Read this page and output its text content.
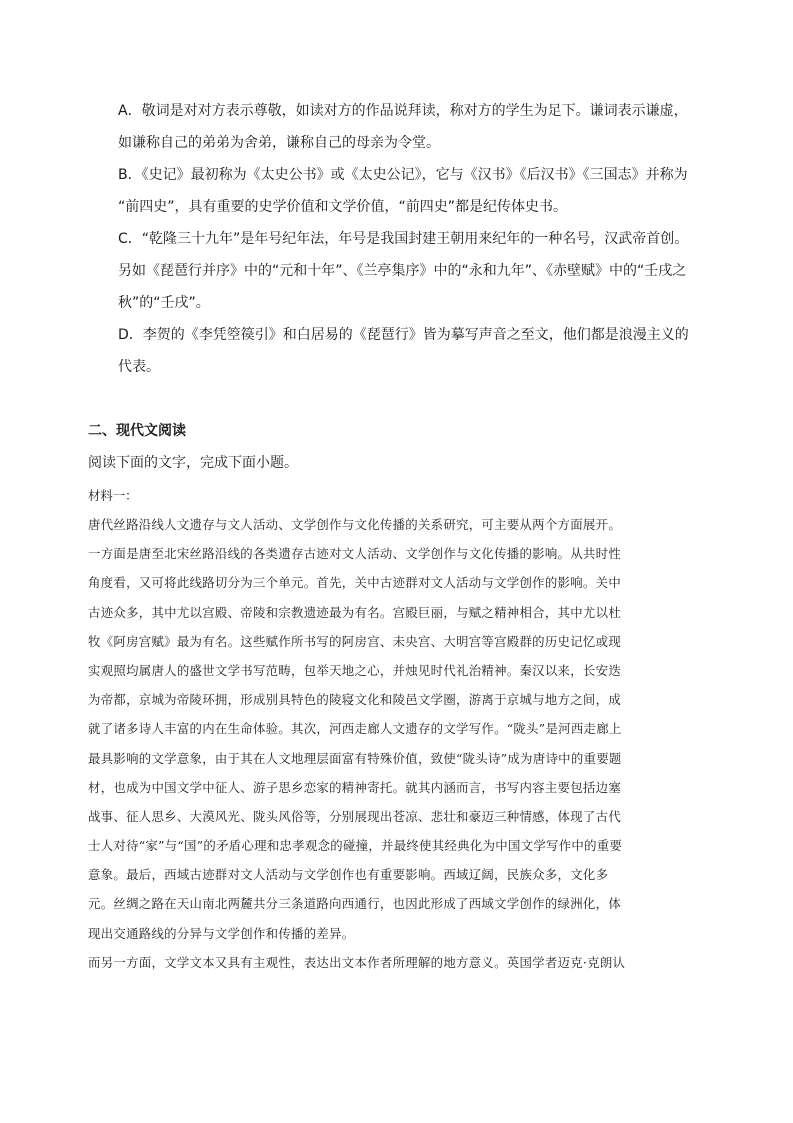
A．敬词是对对方表示尊敬，如读对方的作品说拜读，称对方的学生为足下。谦词表示谦虚，
如谦称自己的弟弟为舍弟，谦称自己的母亲为令堂。
B．《史记》最初称为《太史公书》或《太史公记》，它与《汉书》《后汉书》《三国志》并称为
“前四史”，具有重要的史学价值和文学价值，“前四史”都是纪传体史书。
C．“乾隆三十九年”是年号纪年法，年号是我国封建王朝用来纪年的一种名号，汉武帝首创。
另如《琵琶行并序》中的“元和十年”、《兰亭集序》中的“永和九年”、《赤壁赋》中的“壬戌之
秋”的“壬戌”。
D．李贺的《李凭箜篌引》和白居易的《琵琶行》皆为摹写声音之至文，他们都是浪漫主义的
代表。
二、现代文阅读
阅读下面的文字，完成下面小题。
材料一：
唐代丝路沿线人文遗存与文人活动、文学创作与文化传播的关系研究，可主要从两个方面展开。
一方面是唐至北宋丝路沿线的各类遗存古迹对文人活动、文学创作与文化传播的影响。从共时性
角度看，又可将此线路切分为三个单元。首先，关中古迹群对文人活动与文学创作的影响。关中
古迹众多，其中尤以宫殿、帝陵和宗教遗迹最为有名。宫殿巨丽，与赋之精神相合，其中尤以杜
牧《阿房宫赋》最为有名。这些赋作所书写的阿房宫、未央宫、大明宫等宫殿群的历史记忆或现
实观照均属唐人的盛世文学书写范畴，包举天地之心，并烛见时代礼治精神。秦汉以来，长安迭
为帝都，京城为帝陵环拥，形成别具特色的陵寝文化和陵邑文学圈，游离于京城与地方之间，成
就了诸多诗人丰富的内在生命体验。其次，河西走廊人文遗存的文学写作。“陇头”是河西走廊上
最具影响的文学意象，由于其在人文地理层面富有特殊价值，致使“陇头诗”成为唐诗中的重要题
材，也成为中国文学中征人、游子思乡恋家的精神寄托。就其内涵而言，书写内容主要包括边塞
战事、征人思乡、大漠风光、陇头风俗等，分别展现出苍凉、悲壮和豪迈三种情感，体现了古代
士人对待“家”与“国”的矛盾心理和忠孝观念的碰撞，并最终使其经典化为中国文学写作中的重要
意象。最后，西域古迹群对文人活动与文学创作也有重要影响。西域辽阔，民族众多，文化多
元。丝绸之路在天山南北两麓共分三条道路向西通行，也因此形成了西域文学创作的绿洲化，体
现出交通路线的分异与文学创作和传播的差异。
而另一方面，文学文本又具有主观性，表达出文本作者所理解的地方意义。英国学者迈克·克朗认
